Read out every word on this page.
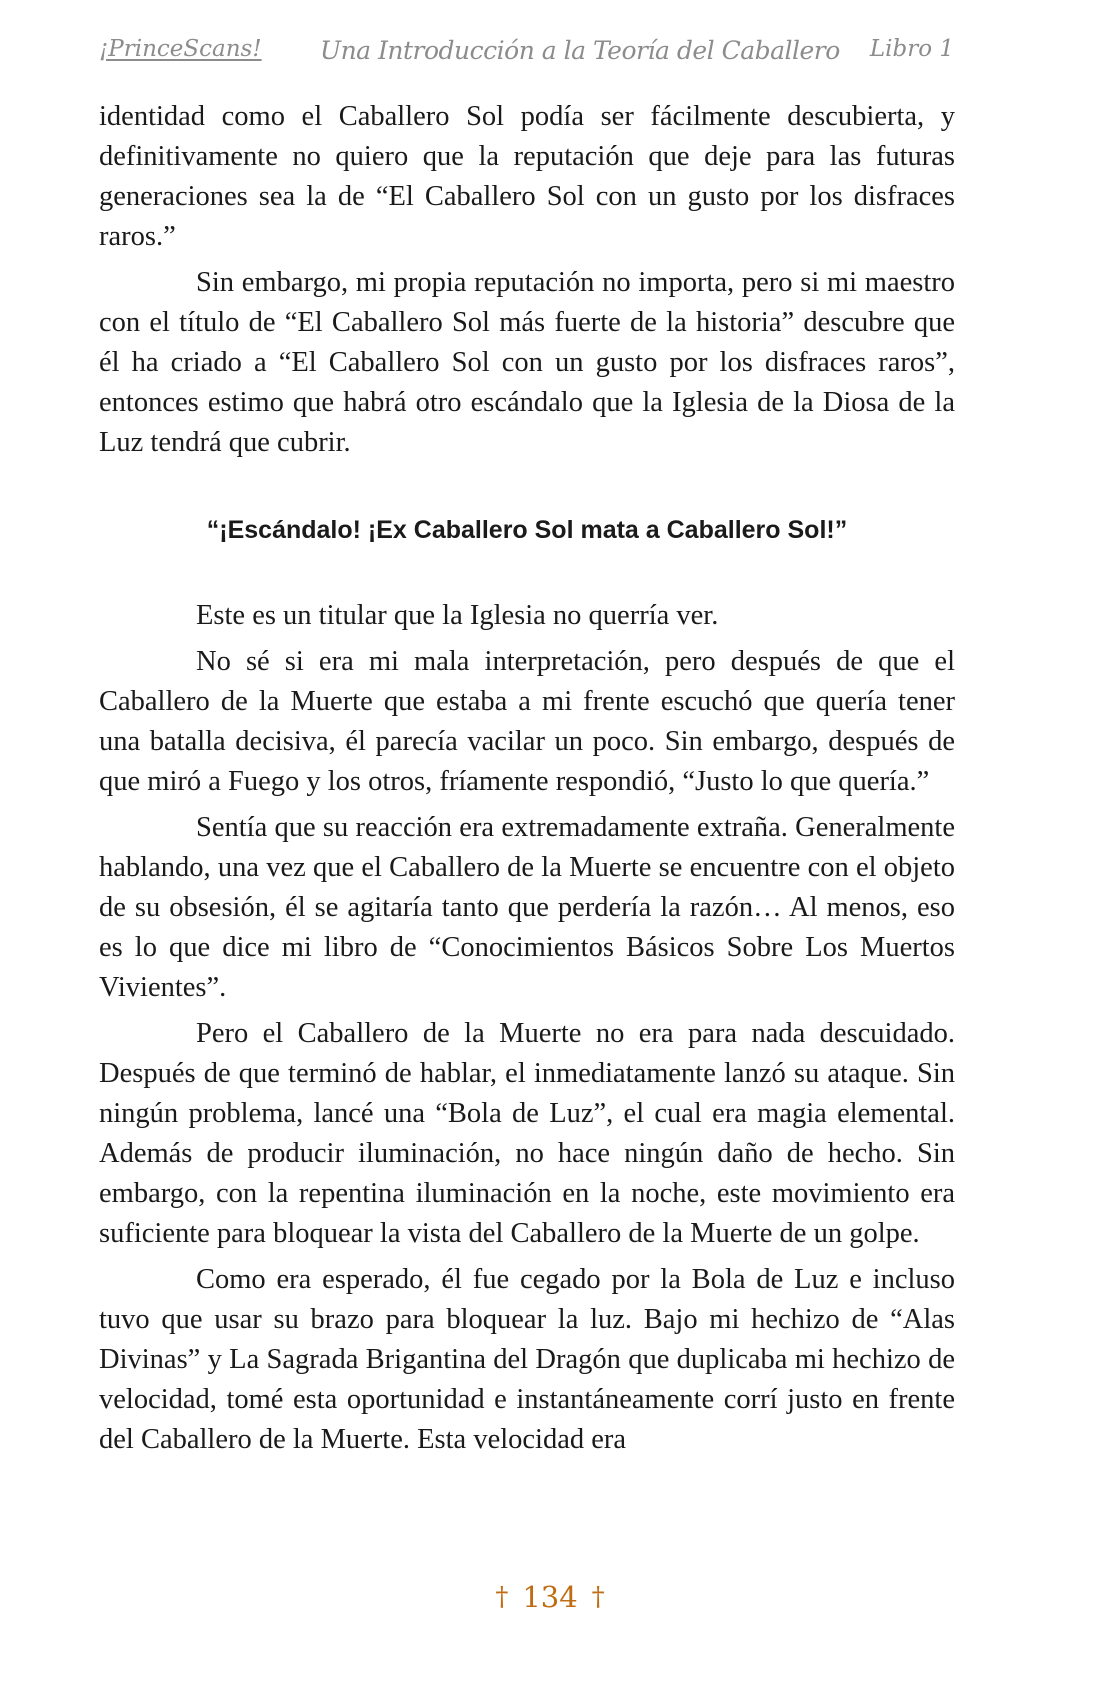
¡PrinceScans! Una Introducción a la Teoría del Caballero Libro 1

identidad como el Caballero Sol podía ser fácilmente descubierta, y definitivamente no quiero que la reputación que deje para las futuras generaciones sea la de “El Caballero Sol con un gusto por los disfraces raros.”

Sin embargo, mi propia reputación no importa, pero si mi maestro con el título de “El Caballero Sol más fuerte de la historia” descubre que él ha criado a “El Caballero Sol con un gusto por los disfraces raros”, entonces estimo que habrá otro escándalo que la Iglesia de la Diosa de la Luz tendrá que cubrir.

“¡Escándalo! ¡Ex Caballero Sol mata a Caballero Sol!”

Este es un titular que la Iglesia no querría ver.

No sé si era mi mala interpretación, pero después de que el Caballero de la Muerte que estaba a mi frente escuchó que quería tener una batalla decisiva, él parecía vacilar un poco. Sin embargo, después de que miró a Fuego y los otros, fríamente respondió, “Justo lo que quería.”

Sentía que su reacción era extremadamente extraña. Generalmente hablando, una vez que el Caballero de la Muerte se encuentre con el objeto de su obsesión, él se agitaría tanto que perdería la razón… Al menos, eso es lo que dice mi libro de “Conocimientos Básicos Sobre Los Muertos Vivientes”.

Pero el Caballero de la Muerte no era para nada descuidado. Después de que terminó de hablar, el inmediatamente lanzó su ataque. Sin ningún problema, lancé una “Bola de Luz”, el cual era magia elemental. Además de producir iluminación, no hace ningún daño de hecho. Sin embargo, con la repentina iluminación en la noche, este movimiento era suficiente para bloquear la vista del Caballero de la Muerte de un golpe.

Como era esperado, él fue cegado por la Bola de Luz e incluso tuvo que usar su brazo para bloquear la luz. Bajo mi hechizo de “Alas Divinas” y La Sagrada Brigantina del Dragón que duplicaba mi hechizo de velocidad, tomé esta oportunidad e instantáneamente corrí justo en frente del Caballero de la Muerte. Esta velocidad era

† 134 †
